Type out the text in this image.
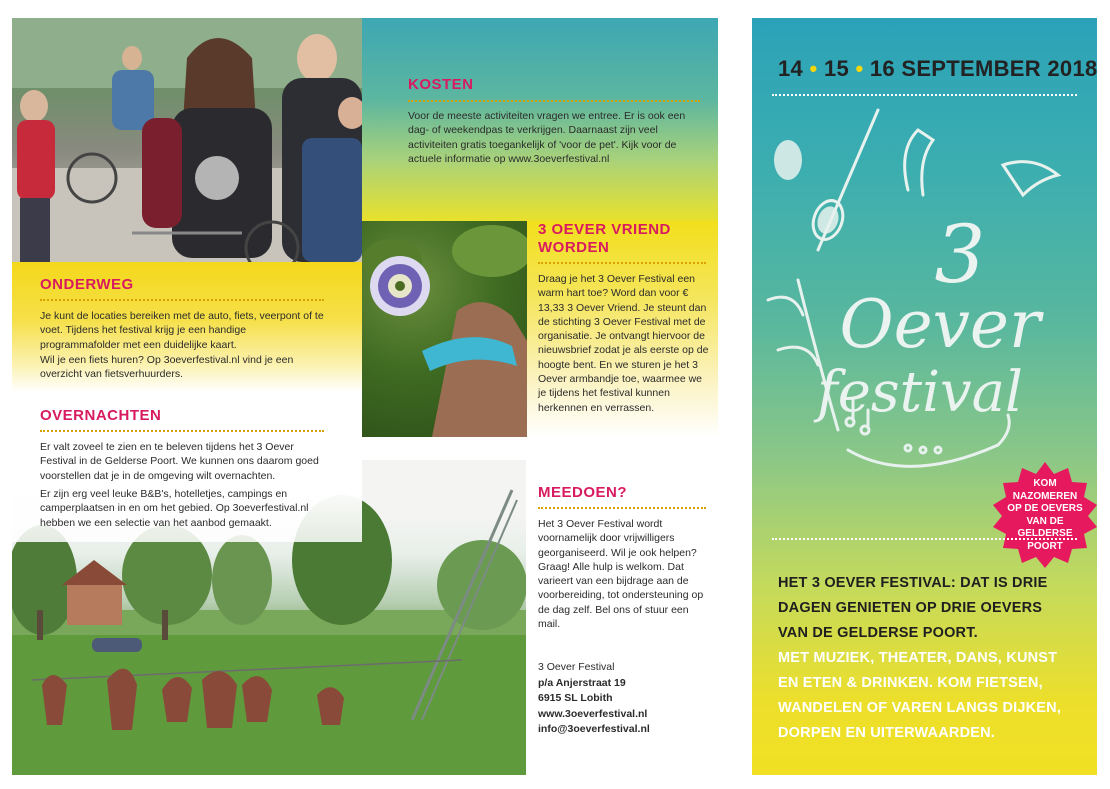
KOSTEN
Voor de meeste activiteiten vragen we entree. Er is ook een dag- of weekendpas te verkrijgen. Daarnaast zijn veel activiteiten gratis toegankelijk of 'voor de pet'. Kijk voor de actuele informatie op www.3oeverfestival.nl
ONDERWEG
Je kunt de locaties bereiken met de auto, fiets, veerpont of te voet. Tijdens het festival krijg je een handige programmafolder met een duidelijke kaart.
Wil je een fiets huren? Op 3oeverfestival.nl vind je een overzicht van fietsverhuurders.
OVERNACHTEN
Er valt zoveel te zien en te beleven tijdens het 3 Oever Festival in de Gelderse Poort. We kunnen ons daarom goed voorstellen dat je in de omgeving wilt overnachten.
Er zijn erg veel leuke B&B's, hotelletjes, campings en camperplaatsen in en om het gebied. Op 3oeverfestival.nl hebben we een selectie van het aanbod gemaakt.
3 OEVER VRIEND
WORDEN
Draag je het 3 Oever Festival een warm hart toe? Word dan voor € 13,33 3 Oever Vriend. Je steunt dan de stichting 3 Oever Festival met de organisatie. Je ontvangt hiervoor de nieuwsbrief zodat je als eerste op de hoogte bent. En we sturen je het 3 Oever armbandje toe, waarmee we je tijdens het festival kunnen herkennen en verrassen.
MEEDOEN?
Het 3 Oever Festival wordt voornamelijk door vrijwilligers georganiseerd. Wil je ook helpen? Graag! Alle hulp is welkom. Dat varieert van een bijdrage aan de voorbereiding, tot ondersteuning op de dag zelf. Bel ons of stuur een mail.
3 Oever Festival
p/a Anjerstraat 19
6915 SL Lobith
www.3oeverfestival.nl
info@3oeverfestival.nl
14 • 15 • 16 SEPTEMBER 2018
3
Oever
festival
KOM
NAZOMEREN
OP DE OEVERS
VAN DE
GELDERSE
POORT
HET 3 OEVER FESTIVAL: DAT IS DRIE
DAGEN GENIETEN OP DRIE OEVERS
VAN DE GELDERSE POORT.
MET MUZIEK, THEATER, DANS, KUNST
EN ETEN & DRINKEN. KOM FIETSEN,
WANDELEN OF VAREN LANGS DIJKEN,
DORPEN EN UITERWAARDEN.
